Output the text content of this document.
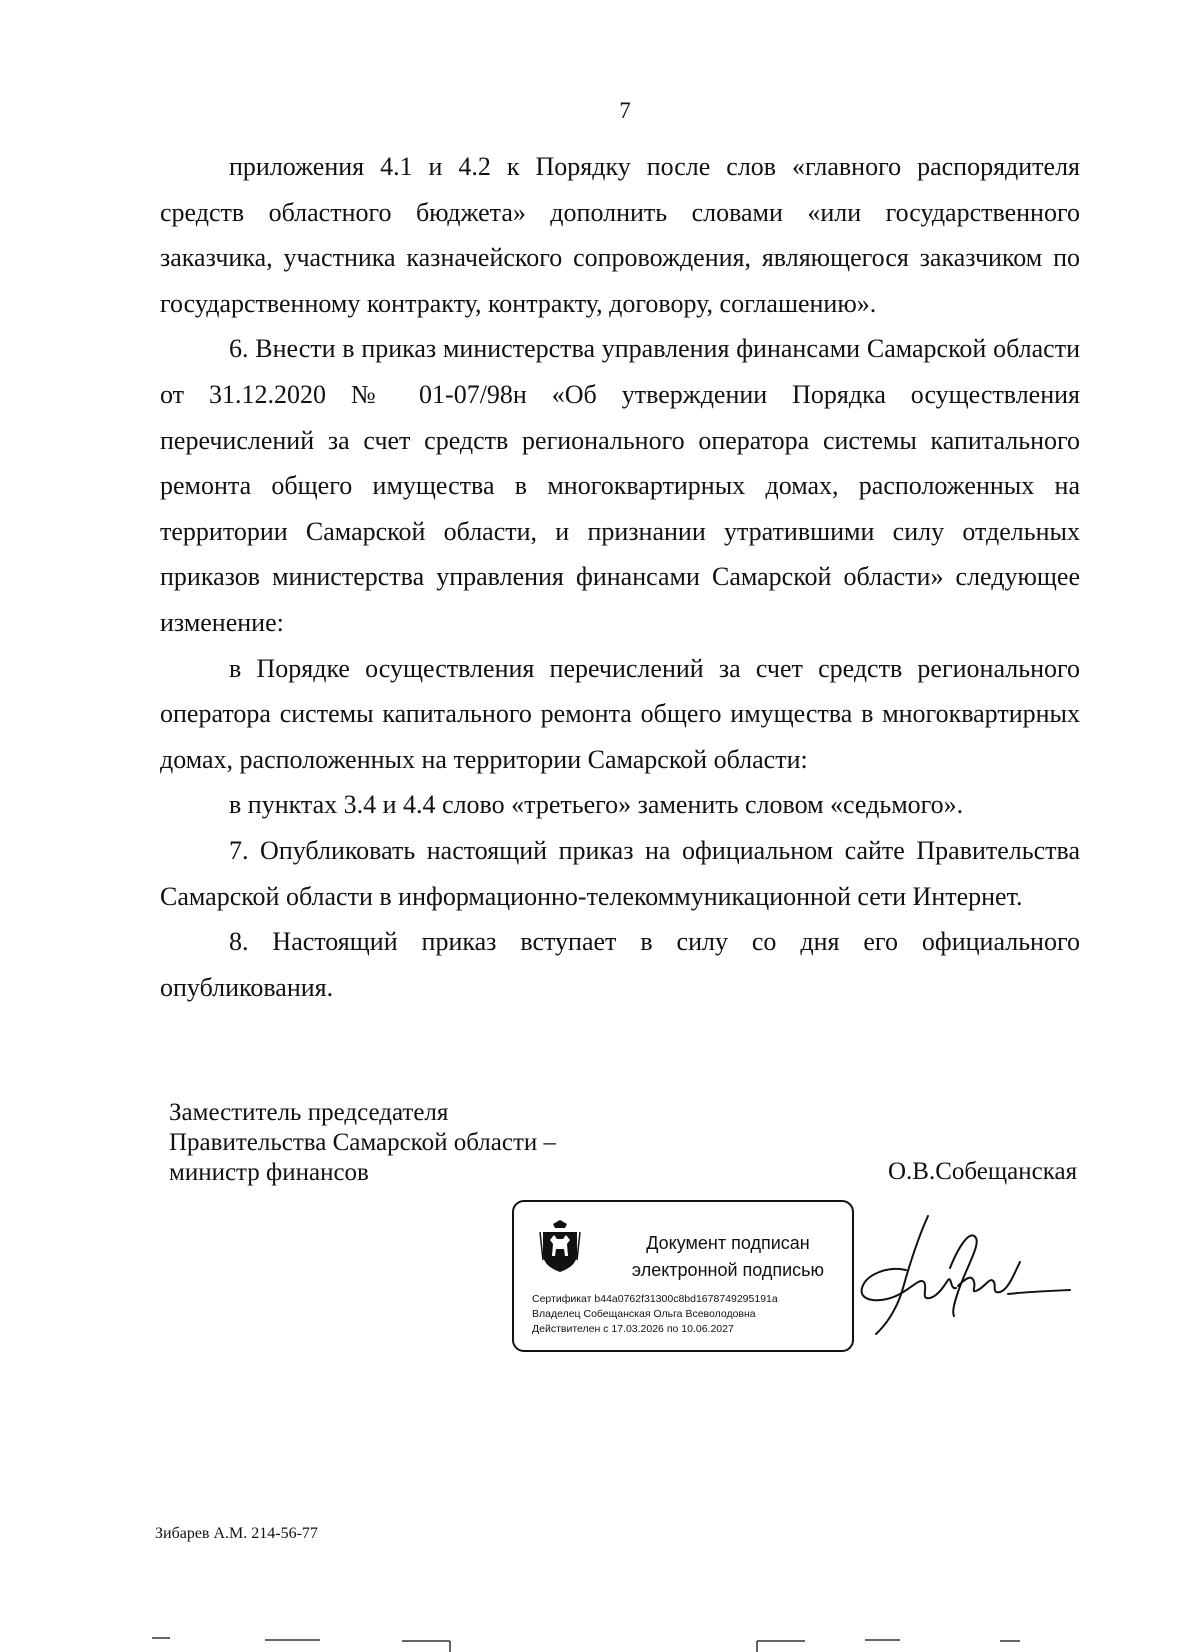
7

приложения 4.1 и 4.2 к Порядку после слов «главного распорядителя средств областного бюджета» дополнить словами «или государственного заказчика, участника казначейского сопровождения, являющегося заказчиком по государственному контракту, контракту, договору, соглашению».

6. Внести в приказ министерства управления финансами Самарской области от 31.12.2020 № 01-07/98н «Об утверждении Порядка осуществления перечислений за счет средств регионального оператора системы капитального ремонта общего имущества в многоквартирных домах, расположенных на территории Самарской области, и признании утратившими силу отдельных приказов министерства управления финансами Самарской области» следующее изменение:

в Порядке осуществления перечислений за счет средств регионального оператора системы капитального ремонта общего имущества в многоквартирных домах, расположенных на территории Самарской области:

в пунктах 3.4 и 4.4 слово «третьего» заменить словом «седьмого».

7. Опубликовать настоящий приказ на официальном сайте Правительства Самарской области в информационно-телекоммуникационной сети Интернет.

8. Настоящий приказ вступает в силу со дня его официального опубликования.

Заместитель председателя
Правительства Самарской области –
министр финансов	О.В.Собещанская
Документ подписан
электронной подписью
Сертификат b44a0762f31300c8bd1678749295191a
Владелец Собещанская Ольга Всеволодовна
Действителен с 17.03.2026 по 10.06.2027
Зибарев А.М. 214-56-77
